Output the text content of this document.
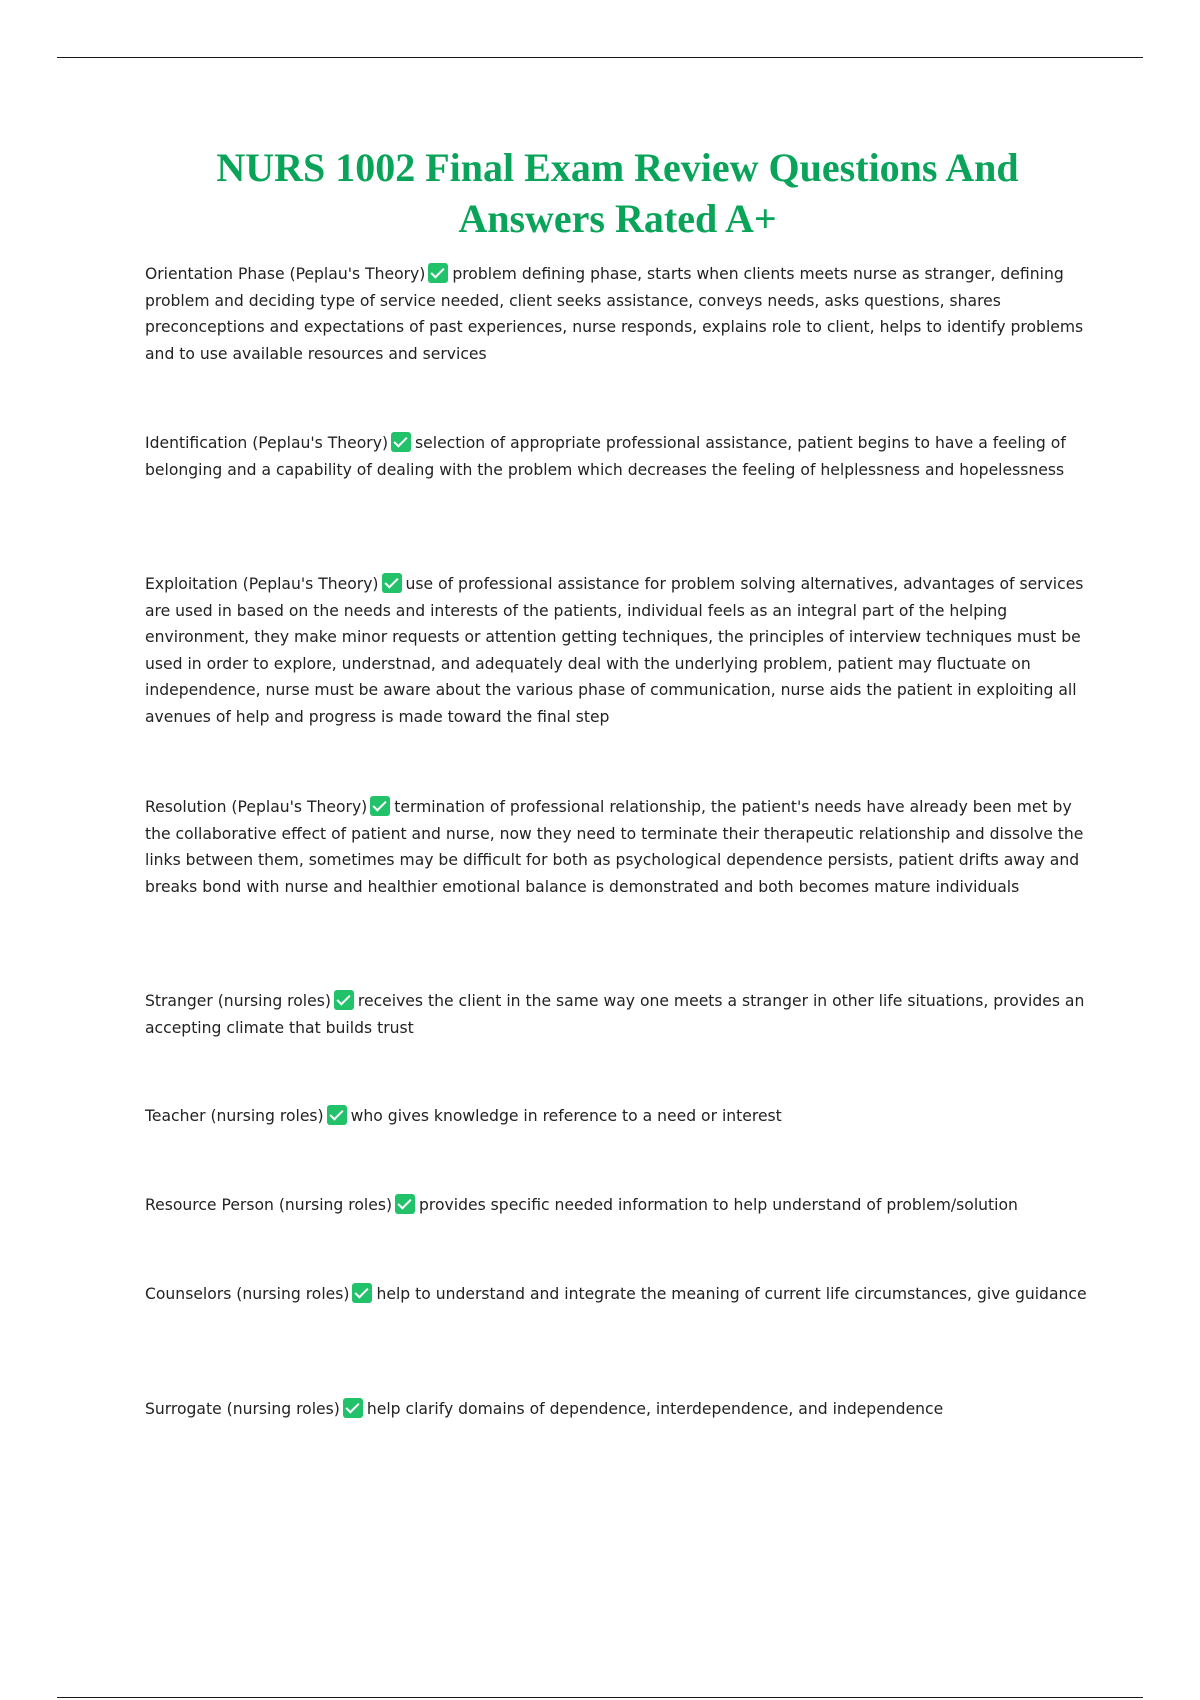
NURS 1002 Final Exam Review Questions And Answers Rated A+

Orientation Phase (Peplau's Theory) problem defining phase, starts when clients meets nurse as stranger, defining problem and deciding type of service needed, client seeks assistance, conveys needs, asks questions, shares preconceptions and expectations of past experiences, nurse responds, explains role to client, helps to identify problems and to use available resources and services

Identification (Peplau's Theory) selection of appropriate professional assistance, patient begins to have a feeling of belonging and a capability of dealing with the problem which decreases the feeling of helplessness and hopelessness

Exploitation (Peplau's Theory) use of professional assistance for problem solving alternatives, advantages of services are used in based on the needs and interests of the patients, individual feels as an integral part of the helping environment, they make minor requests or attention getting techniques, the principles of interview techniques must be used in order to explore, understnad, and adequately deal with the underlying problem, patient may fluctuate on independence, nurse must be aware about the various phase of communication, nurse aids the patient in exploiting all avenues of help and progress is made toward the final step

Resolution (Peplau's Theory) termination of professional relationship, the patient's needs have already been met by the collaborative effect of patient and nurse, now they need to terminate their therapeutic relationship and dissolve the links between them, sometimes may be difficult for both as psychological dependence persists, patient drifts away and breaks bond with nurse and healthier emotional balance is demonstrated and both becomes mature individuals

Stranger (nursing roles) receives the client in the same way one meets a stranger in other life situations, provides an accepting climate that builds trust

Teacher (nursing roles) who gives knowledge in reference to a need or interest

Resource Person (nursing roles) provides specific needed information to help understand of problem/solution

Counselors (nursing roles) help to understand and integrate the meaning of current life circumstances, give guidance

Surrogate (nursing roles) help clarify domains of dependence, interdependence, and independence
